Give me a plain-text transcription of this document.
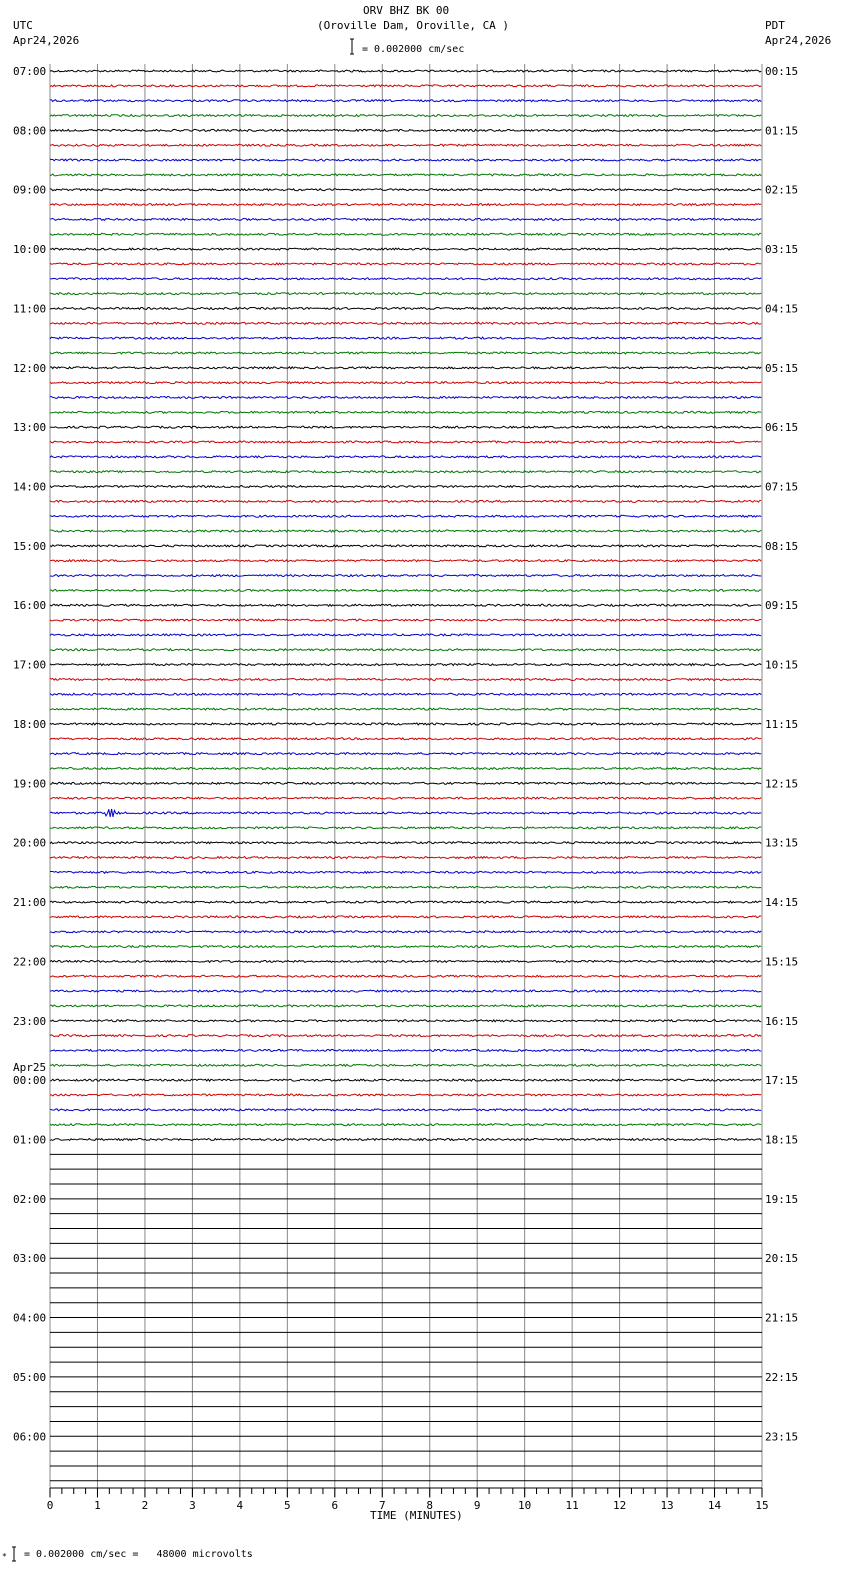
ORV BHZ BK 00
(Oroville Dam, Oroville, CA )
= 0.002000 cm/sec
UTC
Apr24,2026
PDT
Apr24,2026
= 0.002000 cm/sec =   48000 microvolts
TIME (MINUTES)
*
07:00
08:00
09:00
10:00
11:00
12:00
13:00
14:00
15:00
16:00
17:00
18:00
19:00
20:00
21:00
22:00
23:00
00:00
Apr25
01:00
02:00
03:00
04:00
05:00
06:00
00:15
01:15
02:15
03:15
04:15
05:15
06:15
07:15
08:15
09:15
10:15
11:15
12:15
13:15
14:15
15:15
16:15
17:15
18:15
19:15
20:15
21:15
22:15
23:15
0	1	2	3	4	5	6	7	8	9	10	11	12	13	14	15
